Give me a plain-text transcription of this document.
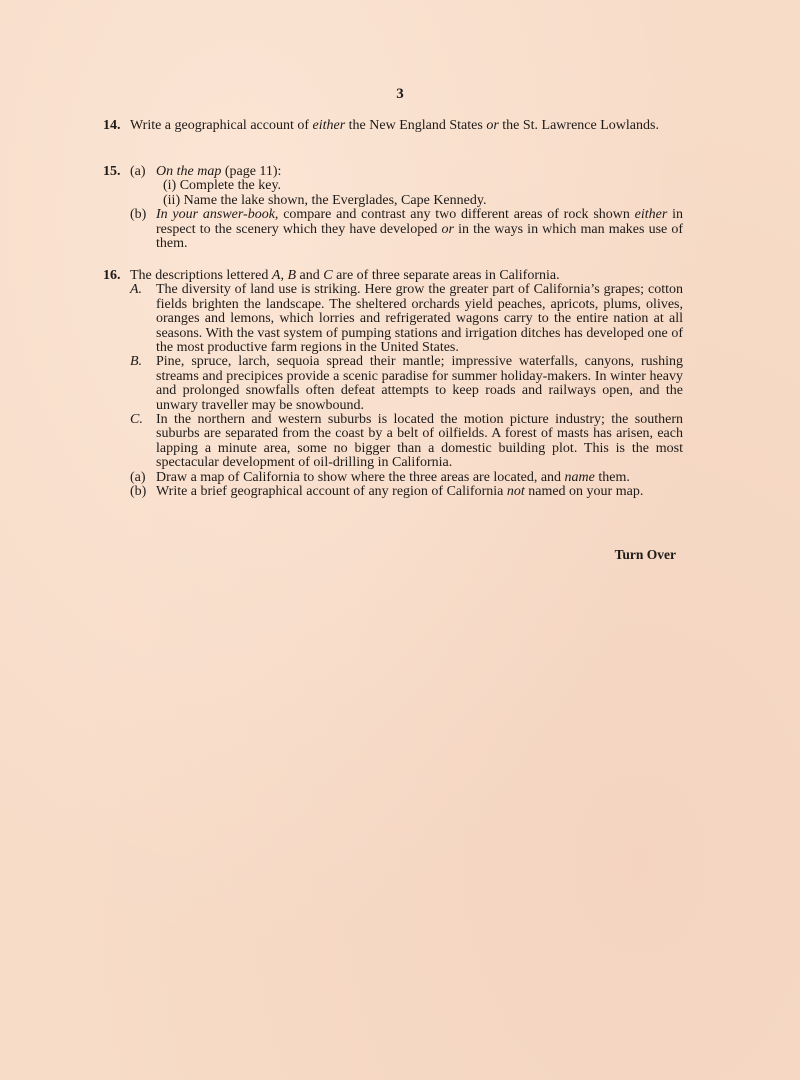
3
14. Write a geographical account of either the New England States or the St. Lawrence Lowlands.
15. (a) On the map (page 11):
(i) Complete the key.
(ii) Name the lake shown, the Everglades, Cape Kennedy.
(b) In your answer-book, compare and contrast any two different areas of rock shown either in respect to the scenery which they have developed or in the ways in which man makes use of them.
16. The descriptions lettered A, B and C are of three separate areas in California.
A. The diversity of land use is striking. Here grow the greater part of California’s grapes; cotton fields brighten the landscape. The sheltered orchards yield peaches, apricots, plums, olives, oranges and lemons, which lorries and refrigerated wagons carry to the entire nation at all seasons. With the vast system of pumping stations and irrigation ditches has developed one of the most productive farm regions in the United States.
B. Pine, spruce, larch, sequoia spread their mantle; impressive waterfalls, canyons, rushing streams and precipices provide a scenic paradise for summer holiday-makers. In winter heavy and prolonged snowfalls often defeat attempts to keep roads and railways open, and the unwary traveller may be snowbound.
C. In the northern and western suburbs is located the motion picture industry; the southern suburbs are separated from the coast by a belt of oilfields. A forest of masts has arisen, each lapping a minute area, some no bigger than a domestic building plot. This is the most spectacular development of oil-drilling in California.
(a) Draw a map of California to show where the three areas are located, and name them.
(b) Write a brief geographical account of any region of California not named on your map.
Turn Over
